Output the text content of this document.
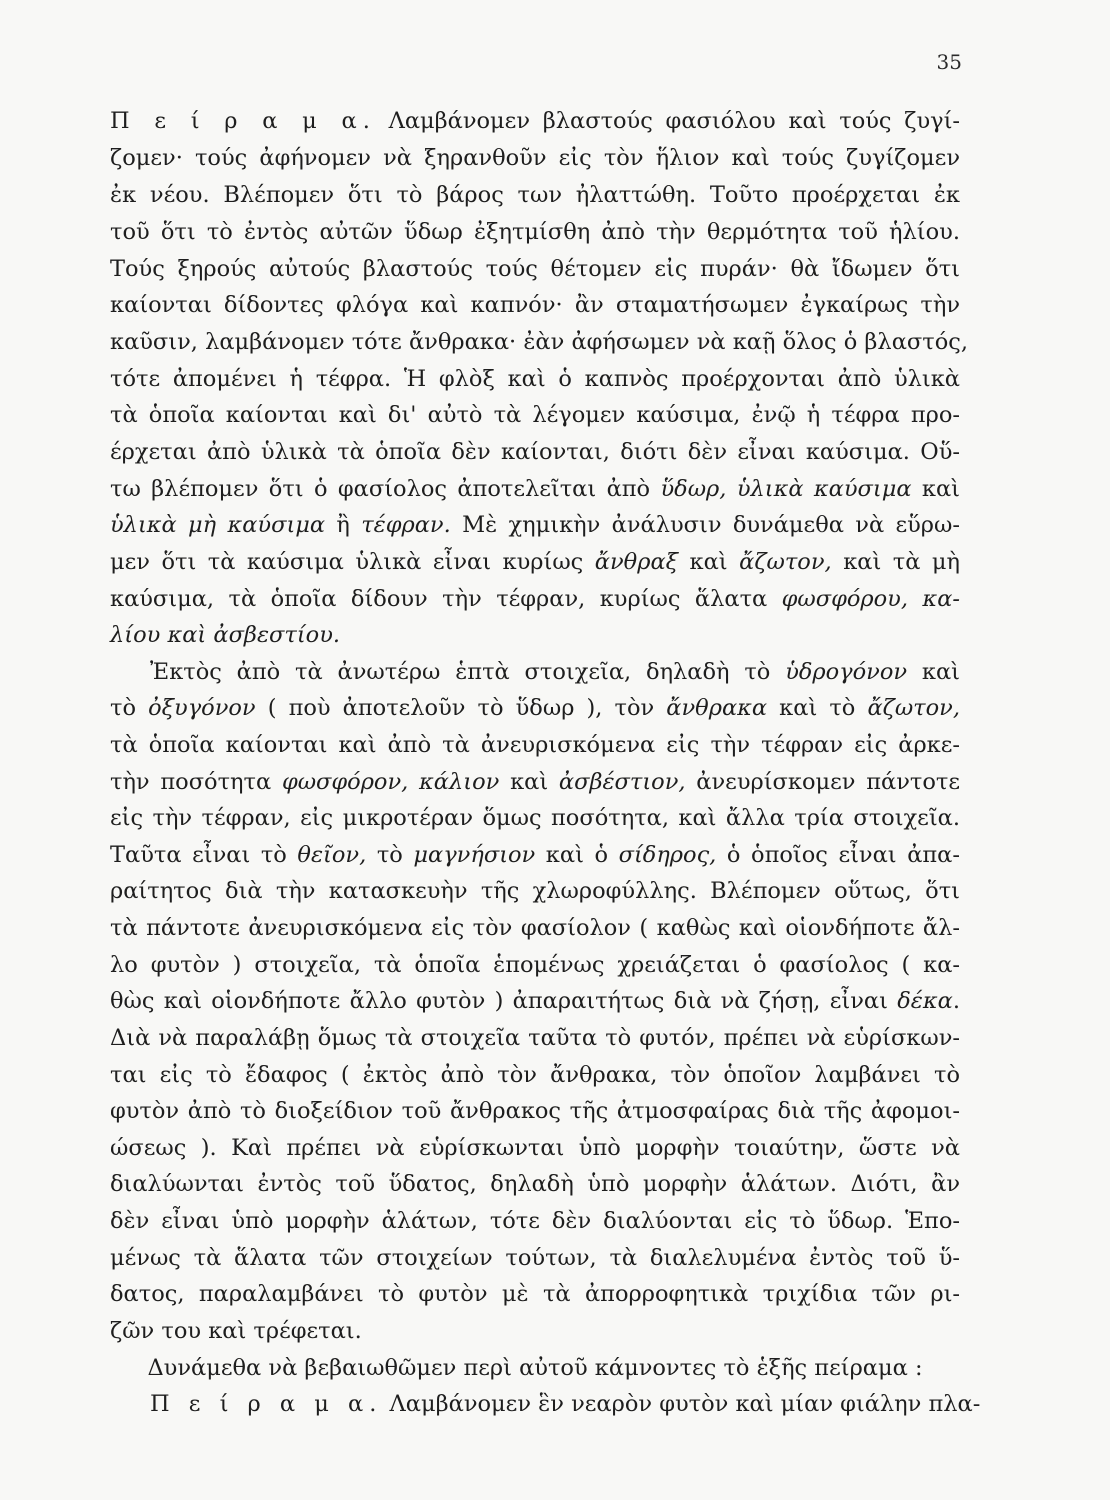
35
Π ε ί ρ α μ α. Λαμβάνομεν βλαστούς φασιόλου καὶ τούς ζυγί-
ζομεν· τούς ἀφήνομεν νὰ ξηρανθοῦν εἰς τὸν ἥλιον καὶ τούς ζυγίζομεν
ἐκ νέου. Βλέπομεν ὅτι τὸ βάρος των ἠλαττώθη. Τοῦτο προέρχεται ἐκ
τοῦ ὅτι τὸ ἐντὸς αὐτῶν ὕδωρ ἐξητμίσθη ἀπὸ τὴν θερμότητα τοῦ ἡλίου.
Τούς ξηρούς αὐτούς βλαστούς τούς θέτομεν εἰς πυράν· θὰ ἴδωμεν ὅτι
καίονται δίδοντες φλόγα καὶ καπνόν· ἂν σταματήσωμεν ἐγκαίρως τὴν
καῦσιν, λαμβάνομεν τότε ἄνθρακα· ἐὰν ἀφήσωμεν νὰ καῇ ὅλος ὁ βλαστός,
τότε ἀπομένει ἡ τέφρα. Ἡ φλὸξ καὶ ὁ καπνὸς προέρχονται ἀπὸ ὑλικὰ
τὰ ὁποῖα καίονται καὶ δι' αὐτὸ τὰ λέγομεν καύσιμα, ἐνῷ ἡ τέφρα προ-
έρχεται ἀπὸ ὑλικὰ τὰ ὁποῖα δὲν καίονται, διότι δὲν εἶναι καύσιμα. Οὕ-
τω βλέπομεν ὅτι ὁ φασίολος ἀποτελεῖται ἀπὸ ὕδωρ, ὑλικὰ καύσιμα καὶ
ὑλικὰ μὴ καύσιμα ἢ τέφραν. Μὲ χημικὴν ἀνάλυσιν δυνάμεθα νὰ εὕρω-
μεν ὅτι τὰ καύσιμα ὑλικὰ εἶναι κυρίως ἄνθραξ καὶ ἄζωτον, καὶ τὰ μὴ
καύσιμα, τὰ ὁποῖα δίδουν τὴν τέφραν, κυρίως ἅλατα φωσφόρου, κα-
λίου καὶ ἀσβεστίου.
Ἐκτὸς ἀπὸ τὰ ἀνωτέρω ἑπτὰ στοιχεῖα, δηλαδὴ τὸ ὑδρογόνον καὶ
τὸ ὀξυγόνον ( ποὺ ἀποτελοῦν τὸ ὕδωρ ), τὸν ἄνθρακα καὶ τὸ ἄζωτον,
τὰ ὁποῖα καίονται καὶ ἀπὸ τὰ ἀνευρισκόμενα εἰς τὴν τέφραν εἰς ἀρκε-
τὴν ποσότητα φωσφόρον, κάλιον καὶ ἀσβέστιον, ἀνευρίσκομεν πάντοτε
εἰς τὴν τέφραν, εἰς μικροτέραν ὅμως ποσότητα, καὶ ἄλλα τρία στοιχεῖα.
Ταῦτα εἶναι τὸ θεῖον, τὸ μαγνήσιον καὶ ὁ σίδηρος, ὁ ὁποῖος εἶναι ἀπα-
ραίτητος διὰ τὴν κατασκευὴν τῆς χλωροφύλλης. Βλέπομεν οὕτως, ὅτι
τὰ πάντοτε ἀνευρισκόμενα εἰς τὸν φασίολον ( καθὼς καὶ οἱονδήποτε ἄλ-
λο φυτὸν ) στοιχεῖα, τὰ ὁποῖα ἑπομένως χρειάζεται ὁ φασίολος ( κα-
θὼς καὶ οἱονδήποτε ἄλλο φυτὸν ) ἀπαραιτήτως διὰ νὰ ζήσῃ, εἶναι δέκα.
Διὰ νὰ παραλάβῃ ὅμως τὰ στοιχεῖα ταῦτα τὸ φυτόν, πρέπει νὰ εὑρίσκων-
ται εἰς τὸ ἔδαφος ( ἐκτὸς ἀπὸ τὸν ἄνθρακα, τὸν ὁποῖον λαμβάνει τὸ
φυτὸν ἀπὸ τὸ διοξείδιον τοῦ ἄνθρακος τῆς ἀτμοσφαίρας διὰ τῆς ἀφομοι-
ώσεως ). Καὶ πρέπει νὰ εὑρίσκωνται ὑπὸ μορφὴν τοιαύτην, ὥστε νὰ
διαλύωνται ἐντὸς τοῦ ὕδατος, δηλαδὴ ὑπὸ μορφὴν ἁλάτων. Διότι, ἂν
δὲν εἶναι ὑπὸ μορφὴν ἁλάτων, τότε δὲν διαλύονται εἰς τὸ ὕδωρ. Ἑπο-
μένως τὰ ἅλατα τῶν στοιχείων τούτων, τὰ διαλελυμένα ἐντὸς τοῦ ὕ-
δατος, παραλαμβάνει τὸ φυτὸν μὲ τὰ ἀπορροφητικὰ τριχίδια τῶν ρι-
ζῶν του καὶ τρέφεται.
Δυνάμεθα νὰ βεβαιωθῶμεν περὶ αὐτοῦ κάμνοντες τὸ ἑξῆς πείραμα :
Π ε ί ρ α μ α. Λαμβάνομεν ἓν νεαρὸν φυτὸν καὶ μίαν φιάλην πλα-
